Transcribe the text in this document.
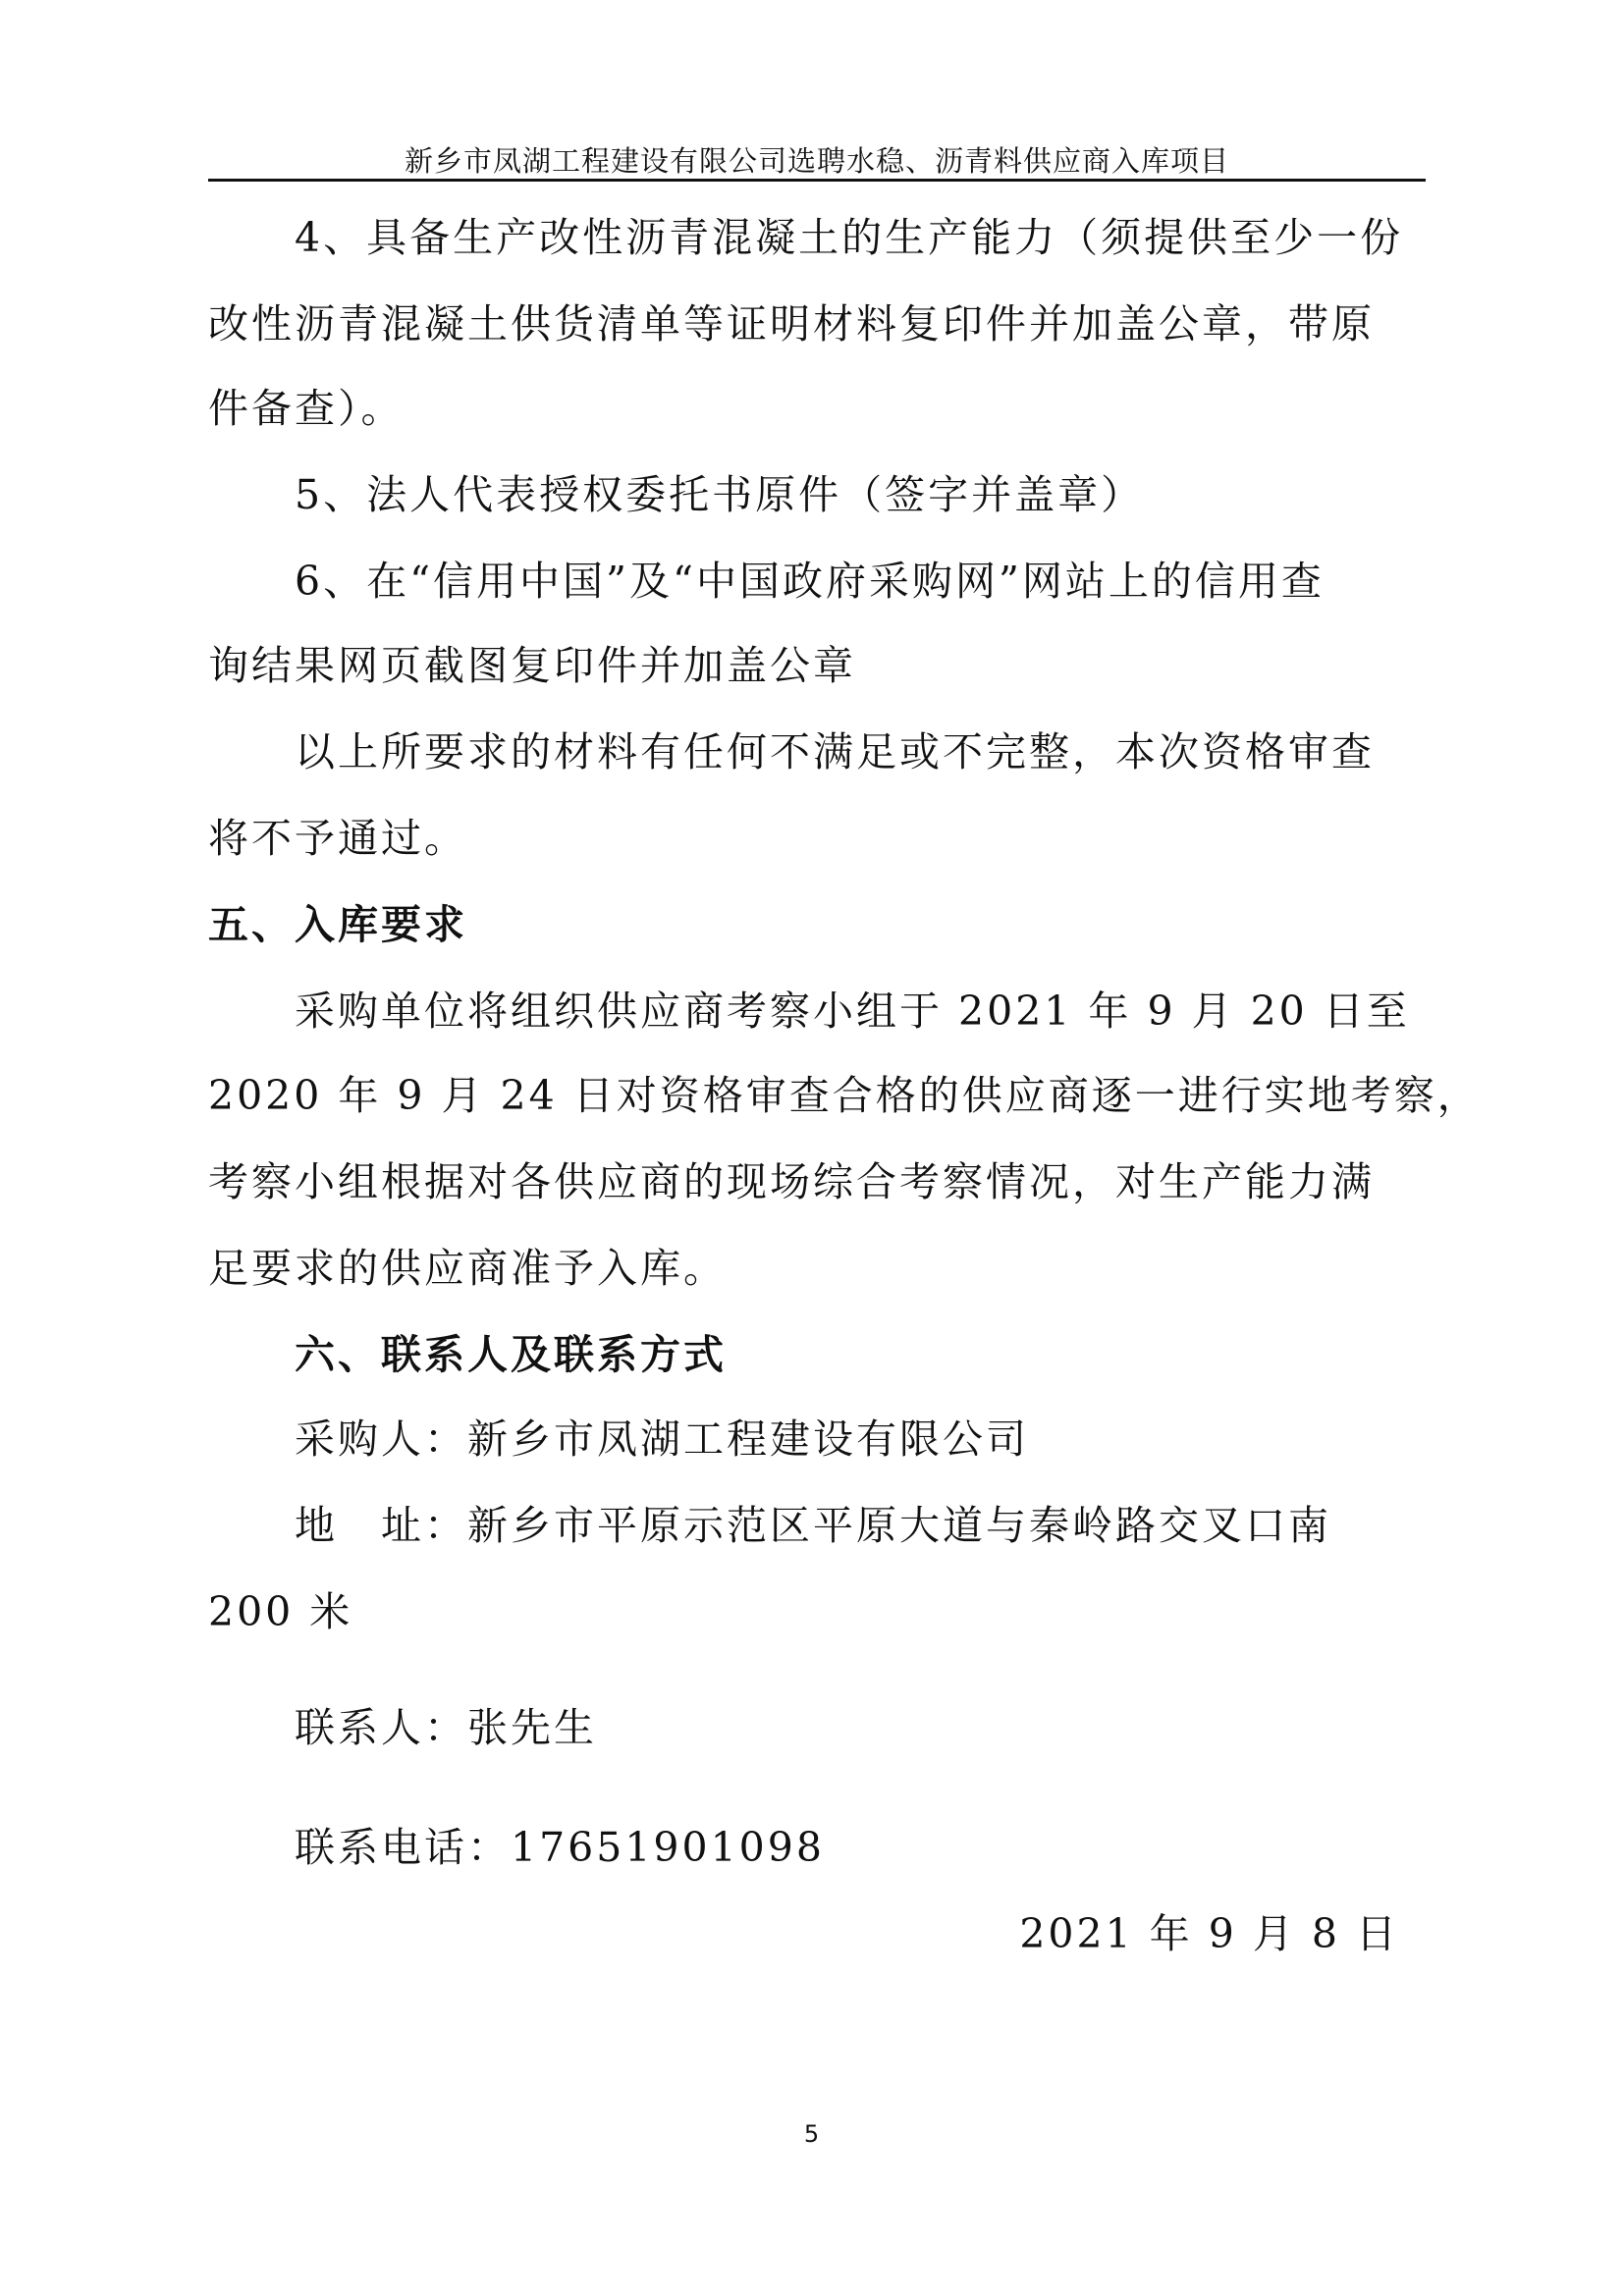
新乡市凤湖工程建设有限公司选聘水稳、沥青料供应商入库项目
4、具备生产改性沥青混凝土的生产能力（须提供至少一份
改性沥青混凝土供货清单等证明材料复印件并加盖公章，带原
件备查）。
5、法人代表授权委托书原件（签字并盖章）
6、在“信用中国”及“中国政府采购网”网站上的信用查
询结果网页截图复印件并加盖公章
以上所要求的材料有任何不满足或不完整，本次资格审查
将不予通过。
五、入库要求
采购单位将组织供应商考察小组于 2021 年 9 月 20 日至
2020 年 9 月 24 日对资格审查合格的供应商逐一进行实地考察，
考察小组根据对各供应商的现场综合考察情况，对生产能力满
足要求的供应商准予入库。
六、联系人及联系方式
采购人：新乡市凤湖工程建设有限公司
地　址：新乡市平原示范区平原大道与秦岭路交叉口南
200 米
联系人：张先生
联系电话：17651901098
2021 年 9 月 8 日
5
